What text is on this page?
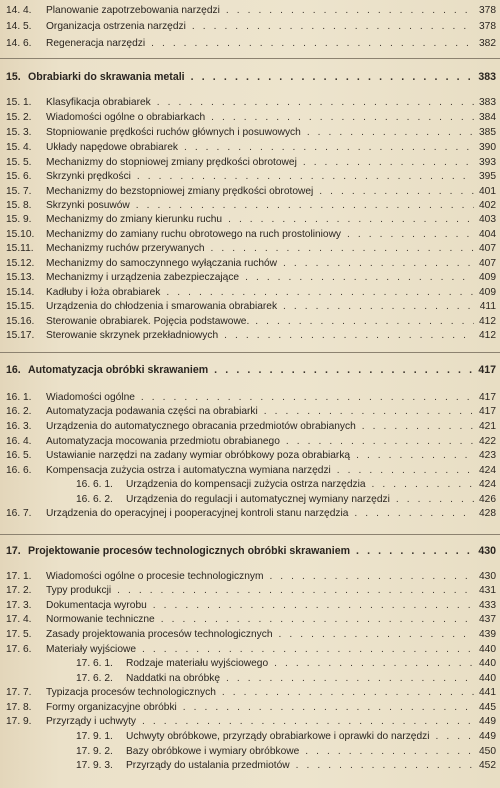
14. 4. Planowanie zapotrzebowania narzędzi . . .	378
14. 5. Organizacja ostrzenia narzędzi . . .	378
14. 6. Regeneracja narzędzi . . .	382
15. Obrabiarki do skrawania metali . . .	383
15. 1. Klasyfikacja obrabiarek . . .	383
15. 2. Wiadomości ogólne o obrabiarkach . . .	384
15. 3. Stopniowanie prędkości ruchów głównych i posuwowych . . .	385
15. 4. Układy napędowe obrabiarek . . .	390
15. 5. Mechanizmy do stopniowej zmiany prędkości obrotowej . . .	393
15. 6. Skrzynki prędkości . . .	395
15. 7. Mechanizmy do bezstopniowej zmiany prędkości obrotowej . . .	401
15. 8. Skrzynki posuwów . . .	402
15. 9. Mechanizmy do zmiany kierunku ruchu . . .	403
15.10. Mechanizmy do zamiany ruchu obrotowego na ruch prostoliniowy . . .	404
15.11. Mechanizmy ruchów przerywanych . . .	407
15.12. Mechanizmy do samoczynnego wyłączania ruchów . . .	407
15.13. Mechanizmy i urządzenia zabezpieczające . . .	409
15.14. Kadłuby i łoża obrabiarek . . .	409
15.15. Urządzenia do chłodzenia i smarowania obrabiarek . . .	411
15.16. Sterowanie obrabiarek. Pojęcia podstawowe. . . .	412
15.17. Sterowanie skrzynek przekładniowych . . .	412
16. Automatyzacja obróbki skrawaniem . . .	417
16. 1. Wiadomości ogólne . . .	417
16. 2. Automatyzacja podawania części na obrabiarki . . .	417
16. 3. Urządzenia do automatycznego obracania przedmiotów obrabianych . . .	421
16. 4. Automatyzacja mocowania przedmiotu obrabianego . . .	422
16. 5. Ustawianie narzędzi na zadany wymiar obróbkowy poza obrabiarką . . .	423
16. 6. Kompensacja zużycia ostrza i automatyczna wymiana narzędzi . . .	424
16. 6. 1. Urządzenia do kompensacji zużycia ostrza narzędzia . . .	424
16. 6. 2. Urządzenia do regulacji i automatycznej wymiany narzędzi . . .	426
16. 7. Urządzenia do operacyjnej i pooperacyjnej kontroli stanu narzędzia . . .	428
17. Projektowanie procesów technologicznych obróbki skrawaniem . . .	430
17. 1. Wiadomości ogólne o procesie technologicznym . . .	430
17. 2. Typy produkcji . . .	431
17. 3. Dokumentacja wyrobu . . .	433
17. 4. Normowanie techniczne . . .	437
17. 5. Zasady projektowania procesów technologicznych . . .	439
17. 6. Materiały wyjściowe . . .	440
17. 6. 1. Rodzaje materiału wyjściowego . . .	440
17. 6. 2. Naddatki na obróbkę . . .	440
17. 7. Typizacja procesów technologicznych . . .	441
17. 8. Formy organizacyjne obróbki . . .	445
17. 9. Przyrządy i uchwyty . . .	449
17. 9. 1. Uchwyty obróbkowe, przyrządy obrabiarkowe i oprawki do narzędzi . . .	449
17. 9. 2. Bazy obróbkowe i wymiary obróbkowe . . .	450
17. 9. 3. Przyrządy do ustalania przedmiotów . . .	452
